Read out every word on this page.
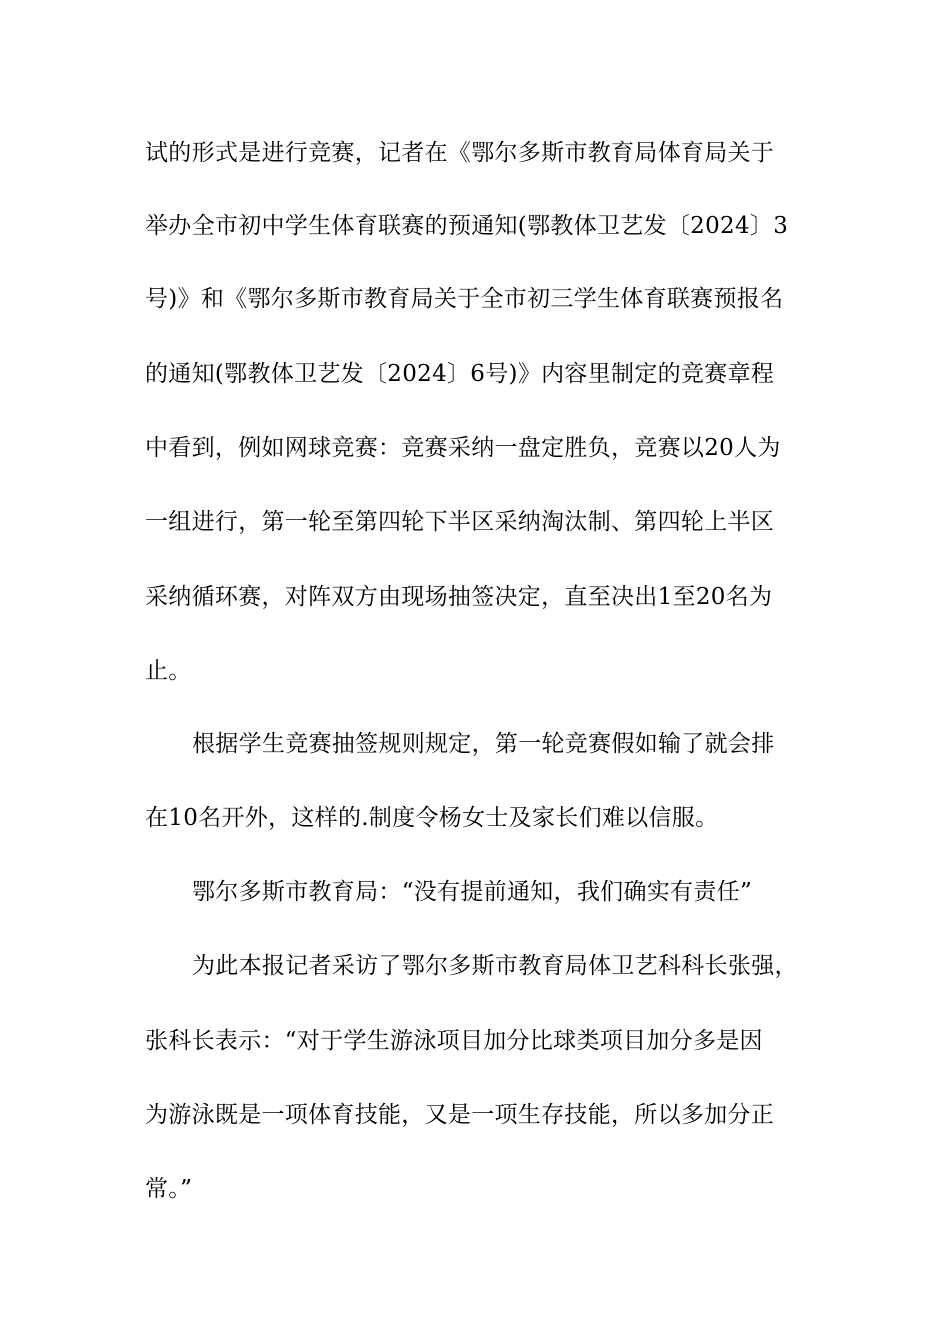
试的形式是进行竞赛，记者在《鄂尔多斯市教育局体育局关于
举办全市初中学生体育联赛的预通知(鄂教体卫艺发〔2024〕3
号)》和《鄂尔多斯市教育局关于全市初三学生体育联赛预报名
的通知(鄂教体卫艺发〔2024〕6号)》内容里制定的竞赛章程
中看到，例如网球竞赛：竞赛采纳一盘定胜负，竞赛以20人为
一组进行，第一轮至第四轮下半区采纳淘汰制、第四轮上半区
采纳循环赛，对阵双方由现场抽签决定，直至决出1至20名为
止。
根据学生竞赛抽签规则规定，第一轮竞赛假如输了就会排
在10名开外，这样的.制度令杨女士及家长们难以信服。
鄂尔多斯市教育局：“没有提前通知，我们确实有责任”
为此本报记者采访了鄂尔多斯市教育局体卫艺科科长张强，
张科长表示：“对于学生游泳项目加分比球类项目加分多是因
为游泳既是一项体育技能，又是一项生存技能，所以多加分正
常。”
